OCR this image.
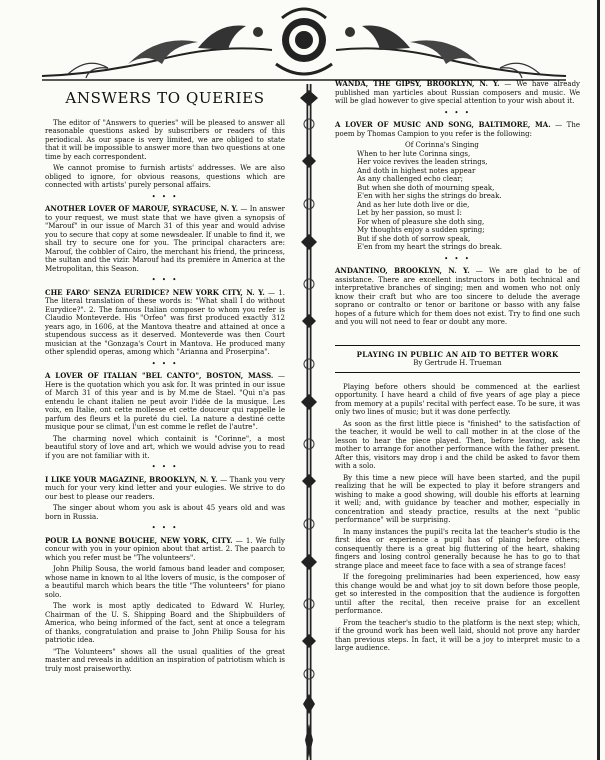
ANSWERS TO QUERIES

The editor of "Answers to queries" will be pleased to answer all reasonable questions asked by subscribers or readers of this periodical. As our space is very limited, we are obliged to state that it will be impossible to answer more than two questions at one time by each correspondent.

We cannot promise to furnish artists' addresses. We are also obliged to ignore, for obvious reasons, questions which are connected with artists' purely personal affairs.

• • •

ANOTHER LOVER OF MAROUF, SYRACUSE, N. Y. — In answer to your request, we must state that we have given a synopsis of "Marouf" in our issue of March 31 of this year and would advise you to secure that copy at some newsdealer. If unable to find it, we shall try to secure one for you. The principal characters are: Marouf, the cobbler of Cairo, the merchant his friend, the princess, the sultan and the vizir. Marouf had its première in America at the Metropolitan, this Season.

• • •

CHE FARO' SENZA EURIDICE? NEW YORK CITY, N. Y. — 1. The literal translation of these words is: "What shall I do without Eurydice?". 2. The famous Italian composer to whom you refer is Claudio Monteverde. His "Orfeo" was first produced exactly 312 years ago, in 1606, at the Mantova theatre and attained at once a stupendous success as it deserved. Monteverde was then Court musician at the "Gonzaga's Court in Mantova. He produced many other splendid operas, among which "Arianna and Proserpina".

• • •

A LOVER OF ITALIAN "BEL CANTO", BOSTON, MASS. — Here is the quotation which you ask for. It was printed in our issue of March 31 of this year and is by M.me de Stael. "Qui n'a pas entendu le chant italien ne peut avoir l'idée de la musique. Les voix, en Italie, ont cette mollesse et cette douceur qui rappelle le parfum des fleurs et la pureté du ciel. La nature a destiné cette musique pour se climat, l'un est comme le reflet de l'autre".

The charming novel which containit is "Corinne", a most beautiful story of love and art, which we would advise you to read if you are not familiar with it.

• • •

I LIKE YOUR MAGAZINE, BROOKLYN, N. Y. — Thank you very much for your very kind letter and your eulogies. We strive to do our best to please our readers.

The singer about whom you ask is about 45 years old and was born in Russia.

• • •

POUR LA BONNE BOUCHE, NEW YORK, CITY. — 1. We fully concur with you in your opinion about that artist. 2. The paarch to which you refer must be "The volunteers".

John Philip Sousa, the world famous band leader and composer, whose name in known to al lthe lovers of music, is the composer of a beautiful march which bears the title "The volunteers" for piano solo.

The work is most aptly dedicated to Edward W. Hurley, Chairman of the U. S. Shipping Board and the Shipbuilders of America, who being informed of the fact, sent at once a telegram of thanks, congratulation and praise to John Philip Sousa for his patriotic idea.

"The Volunteers" shows all the usual qualities of the great master and reveals in addition an inspiration of patriotism which is truly most praiseworthy.

WANDA, THE GIPSY, BROOKLYN, N. Y. — We have already published man yarticles about Russian composers and music. We will be glad however to give special attention to your wish about it.

• • •

A LOVER OF MUSIC AND SONG, BALTIMORE, MA. — The poem by Thomas Campion to you refer is the following:

Of Corinna's Singing
When to her lute Corinna sings,
Her voice revives the leaden strings,
And doth in highest notes appear
As any challenged echo clear;
But when she doth of mourning speak,
E'en with her sighs the strings do break.
And as her lute doth live or die,
Let by her passion, so must I:
For when of pleasure she doth sing,
My thoughts enjoy a sudden spring;
But if she doth of sorrow speak,
E'en from my heart the strings do break.
• • •

ANDANTINO, BROOKLYN, N. Y. — We are glad to be of assistance. There are excellent instructors in both technical and interpretative branches of singing; men and women who not only know their craft but who are too sincere to delude the average soprano or contralto or tenor or baritone or basso with any false hopes of a future which for them does not exist. Try to find one such and you will not need to fear or doubt any more.

PLAYING IN PUBLIC AN AID TO BETTER WORK

By Gertrude H. Trueman

Playing before others should be commenced at the earliest opportunity. I have heard a child of five years of age play a piece from memory at a pupils' recital with perfect ease. To be sure, it was only two lines of music; but it was done perfectly.

As soon as the first little piece is "finished" to the satisfaction of the teacher, it would be well to call mother in at the close of the lesson to hear the piece played. Then, before leaving, ask the mother to arrange for another performance with the father present. After this, visitors may drop i and the child be asked to favor them with a solo.

By this time a new piece will have been started, and the pupil realizing that he will be expected to play it before strangers and wishing to make a good showing, will double his efforts at learning it well; and, with guidance by teacher and mother, especially in concentration and steady practice, results at the next "public performance" will be surprising.

In many instances the pupil's recita lat the teacher's studio is the first idea or experience a pupil has of plaing before others; consequently there is a great big fluttering of the heart, shaking fingers and losing control generally because he has to go to that strange place and meeet face to face with a sea of strange faces!

If the foregoing preliminaries had been experienced, how easy this change would be and what joy to sit down before those people, get so interested in the composition that the audience is forgotten until after the recital, then receive praise for an excellent performance.

From the teacher's studio to the platform is the next step; which, if the ground work has been well laid, should not prove any harder than previous steps. In fact, it will be a joy to interpret music to a large audience.
